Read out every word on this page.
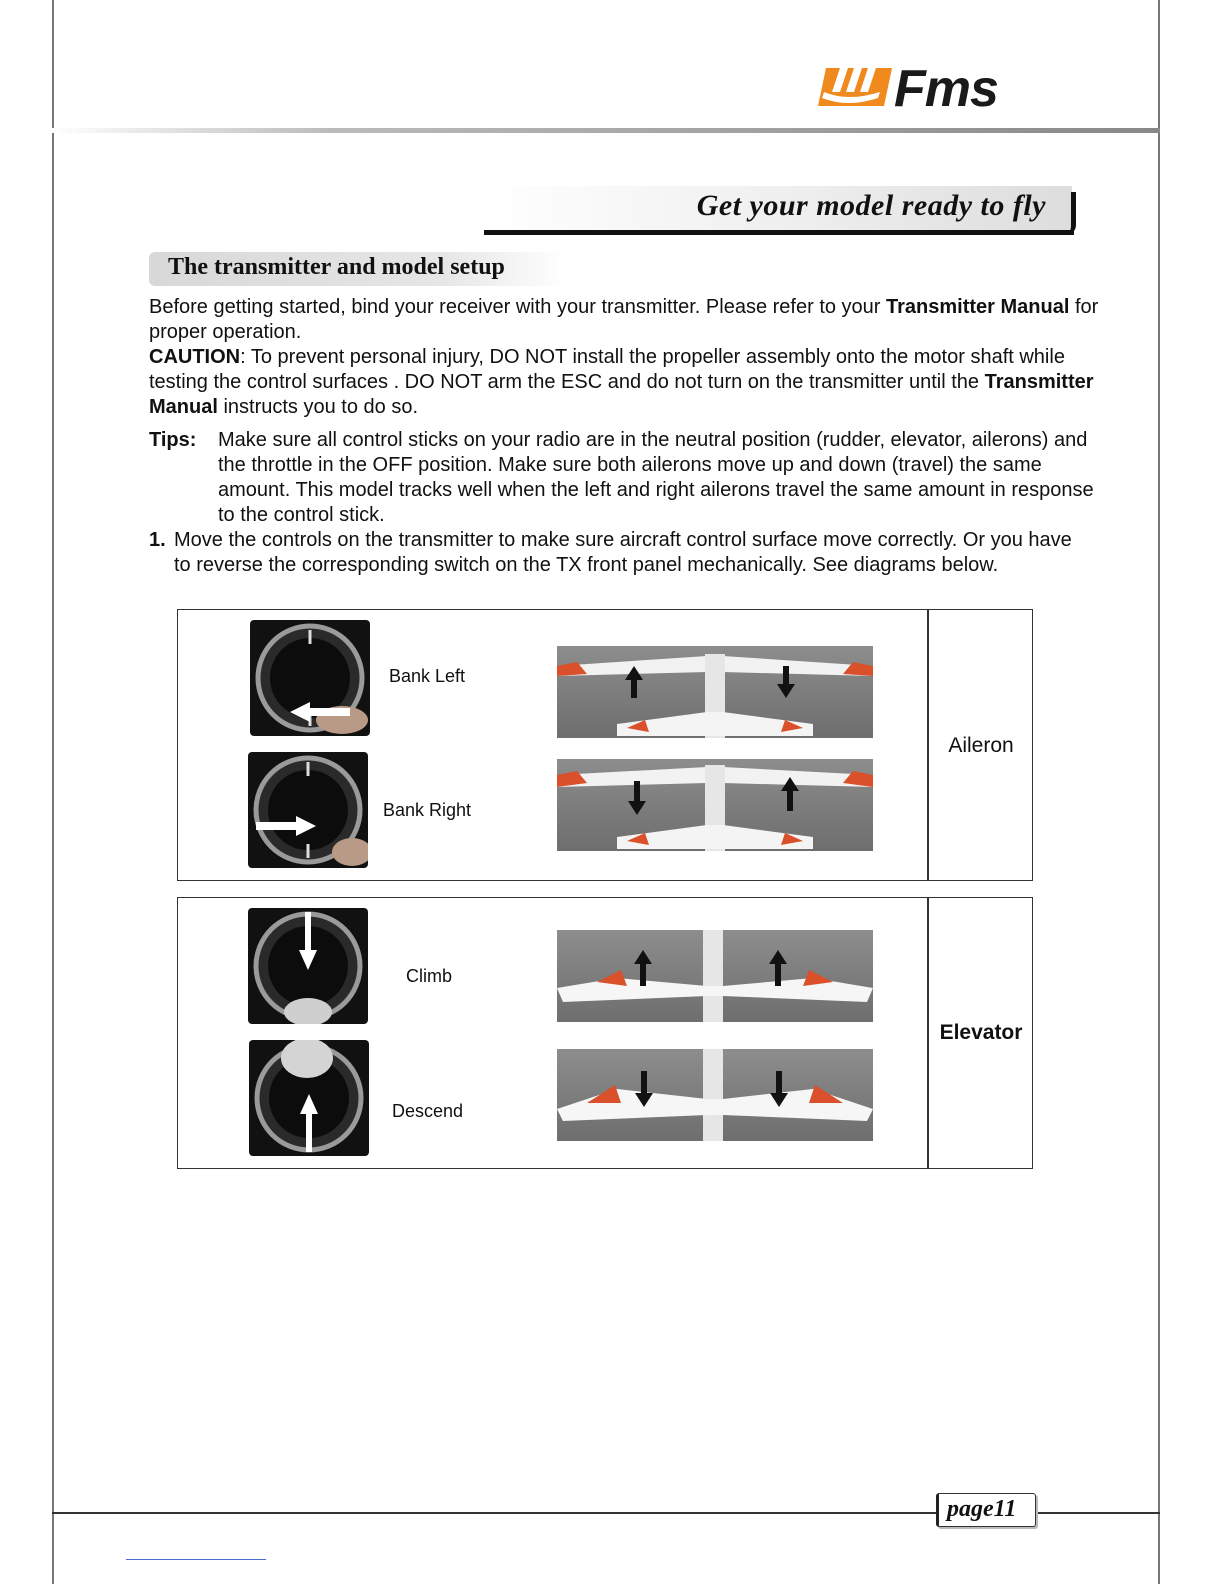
Fms
Get your model ready to fly
The transmitter and model setup
Before getting started, bind your receiver with your transmitter. Please refer to your Transmitter Manual for proper operation.
CAUTION: To prevent personal injury, DO NOT install the propeller assembly onto the motor shaft while testing the control surfaces . DO NOT arm the ESC and do not turn on the transmitter until the Transmitter Manual instructs you to do so.
Tips: Make sure all control sticks on your radio are in the neutral position (rudder, elevator, ailerons) and the throttle in the OFF position. Make sure both ailerons move up and down (travel) the same amount. This model tracks well when the left and right ailerons travel the same amount in response to the control stick.
1. Move the controls on the transmitter to make sure aircraft control surface move correctly. Or you have to reverse the corresponding switch on the TX front panel mechanically. See diagrams below.
Aileron
Bank Left
Bank Right
Elevator
Climb
Descend
page11
